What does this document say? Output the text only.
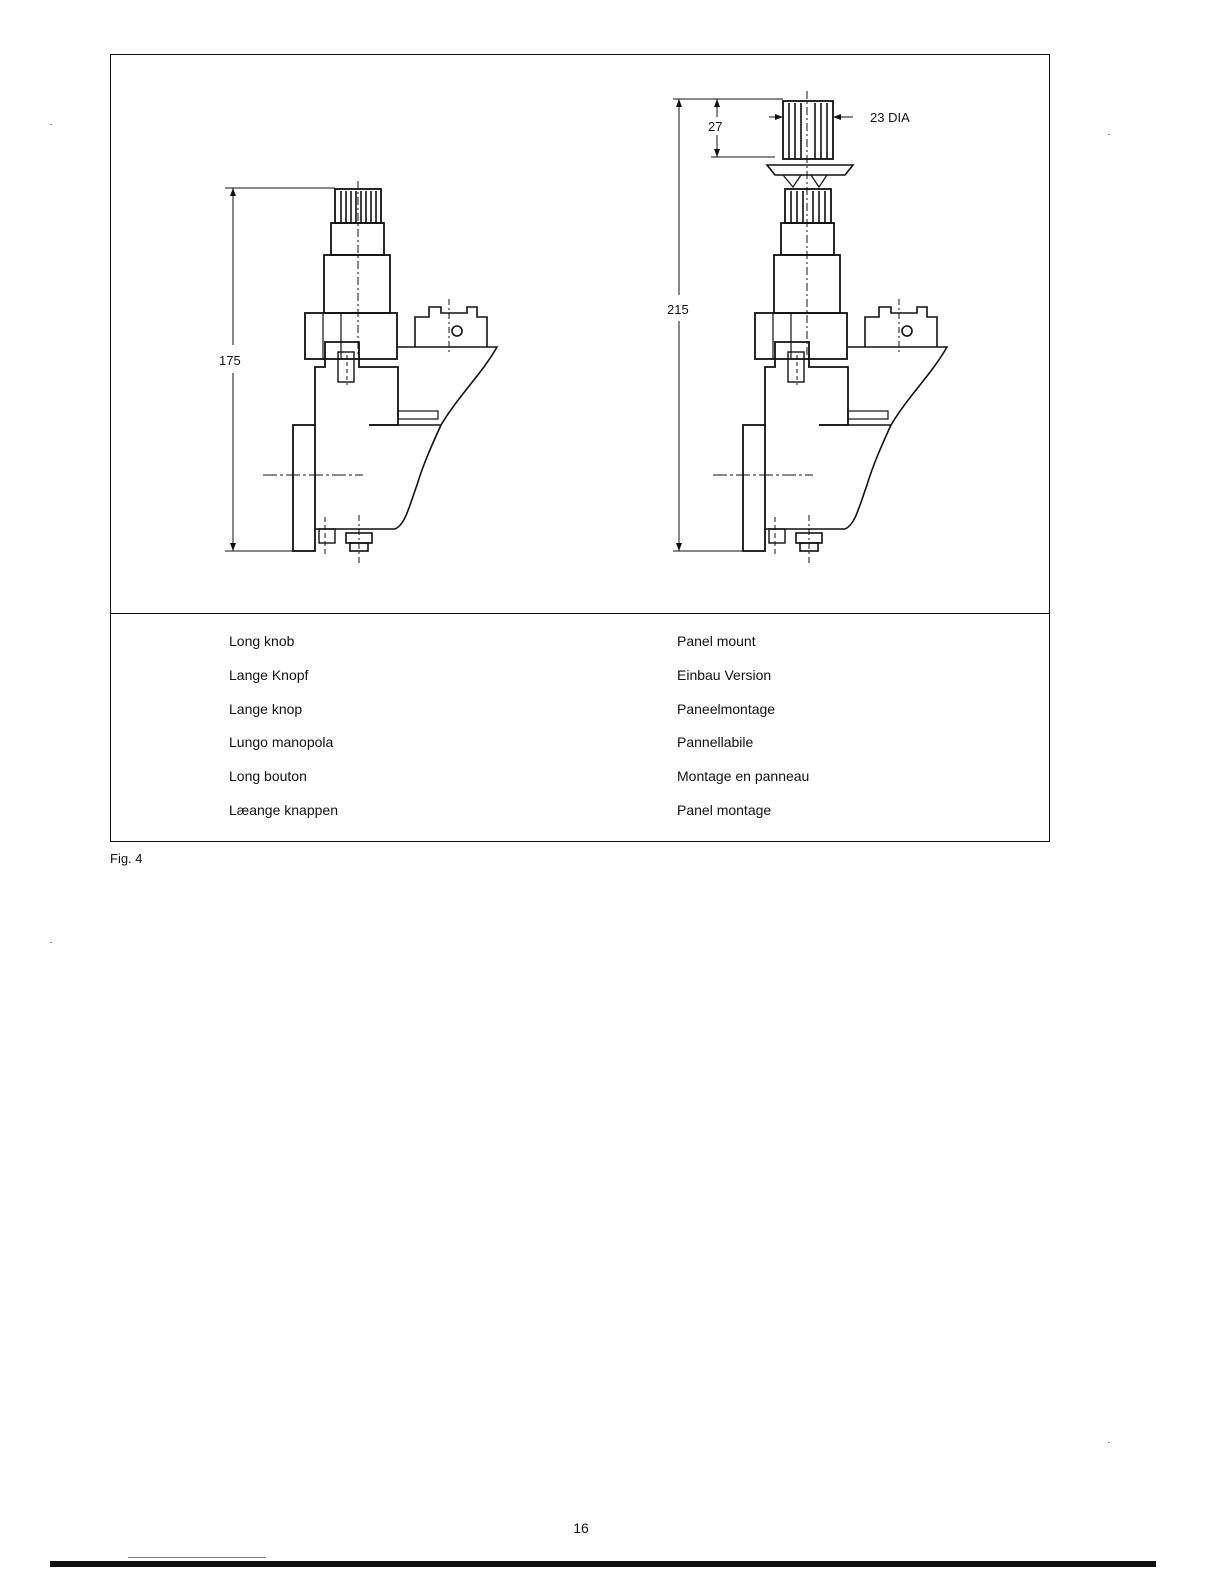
175
23 DIA
27
215
Long knob
Lange Knopf
Lange knop
Lungo manopola
Long bouton
Læange knappen
Panel mount
Einbau Version
Paneelmontage
Pannellabile
Montage en panneau
Panel montage
Fig. 4
16
